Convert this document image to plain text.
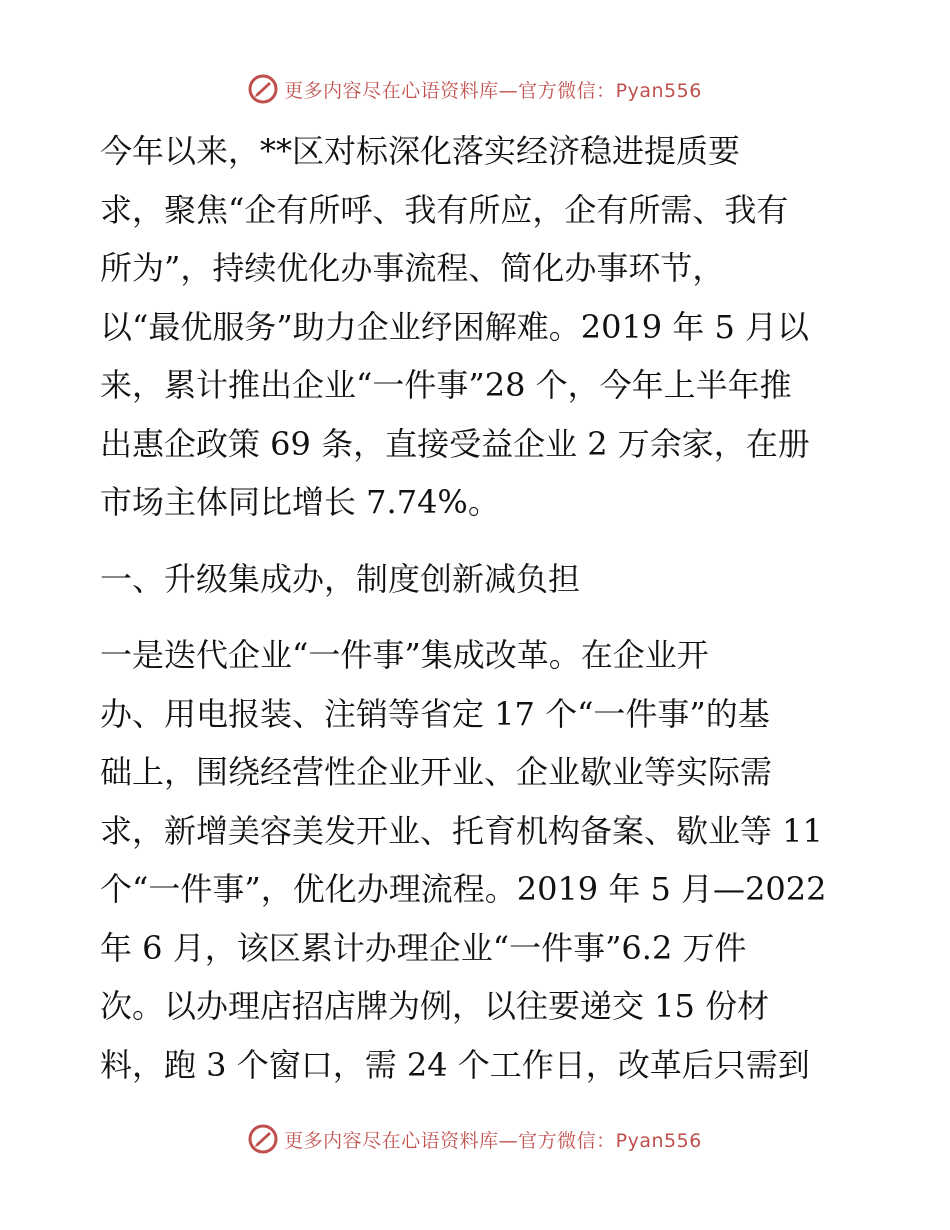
更多内容尽在心语资料库—官方微信：Pyan556

今年以来，**区对标深化落实经济稳进提质要

求，聚焦“企有所呼、我有所应，企有所需、我有

所为”，持续优化办事流程、简化办事环节，

以“最优服务”助力企业纾困解难。2019 年 5 月以

来，累计推出企业“一件事”28 个，今年上半年推

出惠企政策 69 条，直接受益企业 2 万余家，在册

市场主体同比增长 7.74%。

一、升级集成办，制度创新减负担

一是迭代企业“一件事”集成改革。在企业开

办、用电报装、注销等省定 17 个“一件事”的基

础上，围绕经营性企业开业、企业歇业等实际需

求，新增美容美发开业、托育机构备案、歇业等 11

个“一件事”，优化办理流程。2019 年 5 月—2022

年 6 月，该区累计办理企业“一件事”6.2 万件

次。以办理店招店牌为例，以往要递交 15 份材

料，跑 3 个窗口，需 24 个工作日，改革后只需到

更多内容尽在心语资料库—官方微信：Pyan556
